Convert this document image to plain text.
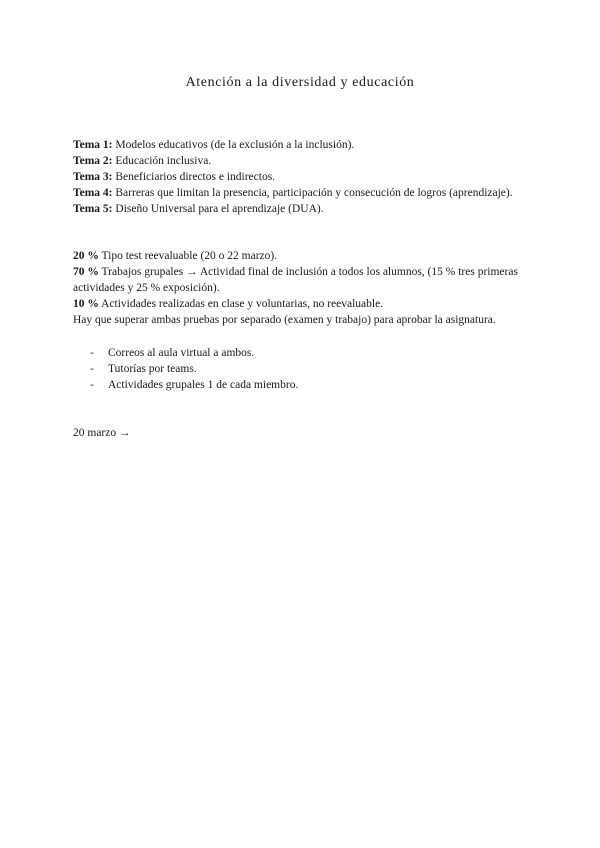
Atención a la diversidad y educación

Tema 1: Modelos educativos (de la exclusión a la inclusión).

Tema 2: Educación inclusiva.

Tema 3: Beneficiarios directos e indirectos.

Tema 4: Barreras que limitan la presencia, participación y consecución de logros (aprendizaje).

Tema 5: Diseño Universal para el aprendizaje (DUA).

20 % Tipo test reevaluable (20 o 22 marzo).

70 % Trabajos grupales → Actividad final de inclusión a todos los alumnos, (15 % tres primeras actividades y 25 % exposición).

10 % Actividades realizadas en clase y voluntarias, no reevaluable.

Hay que superar ambas pruebas por separado (examen y trabajo) para aprobar la asignatura.

- Correos al aula virtual a ambos.

- Tutorías por teams.

- Actividades grupales 1 de cada miembro.

20 marzo →
